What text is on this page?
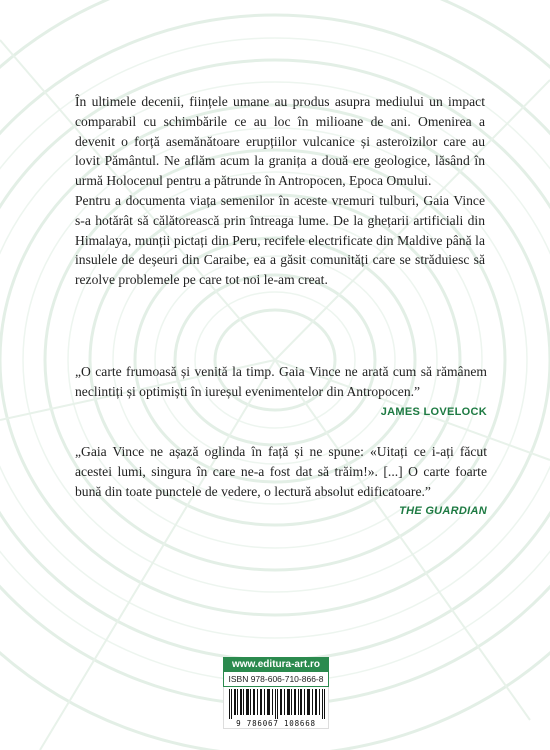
În ultimele decenii, ființele umane au produs asupra mediului un impact comparabil cu schimbările ce au loc în milioane de ani. Omenirea a devenit o forță asemănătoare erupțiilor vulcanice și asteroizilor care au lovit Pământul. Ne aflăm acum la granița a două ere geologice, lăsând în urmă Holocenul pentru a pătrunde în Antropocen, Epoca Omului.

Pentru a documenta viața semenilor în aceste vremuri tulburi, Gaia Vince s-a hotărât să călătorească prin întreaga lume. De la ghețarii artificiali din Himalaya, munții pictați din Peru, recifele electrificate din Maldive până la insulele de deșeuri din Caraibe, ea a găsit comunități care se străduiesc să rezolve problemele pe care tot noi le-am creat.

„O carte frumoasă și venită la timp. Gaia Vince ne arată cum să rămânem neclintiți și optimiști în iureșul evenimentelor din Antropocen.”

JAMES LOVELOCK

„Gaia Vince ne așază oglinda în față și ne spune: «Uitați ce i-ați făcut acestei lumi, singura în care ne-a fost dat să trăim!». [...] O carte foarte bună din toate punctele de vedere, o lectură absolut edificatoare.”

THE GUARDIAN
www.editura-art.ro
ISBN 978-606-710-866-8
9 786067 108668
